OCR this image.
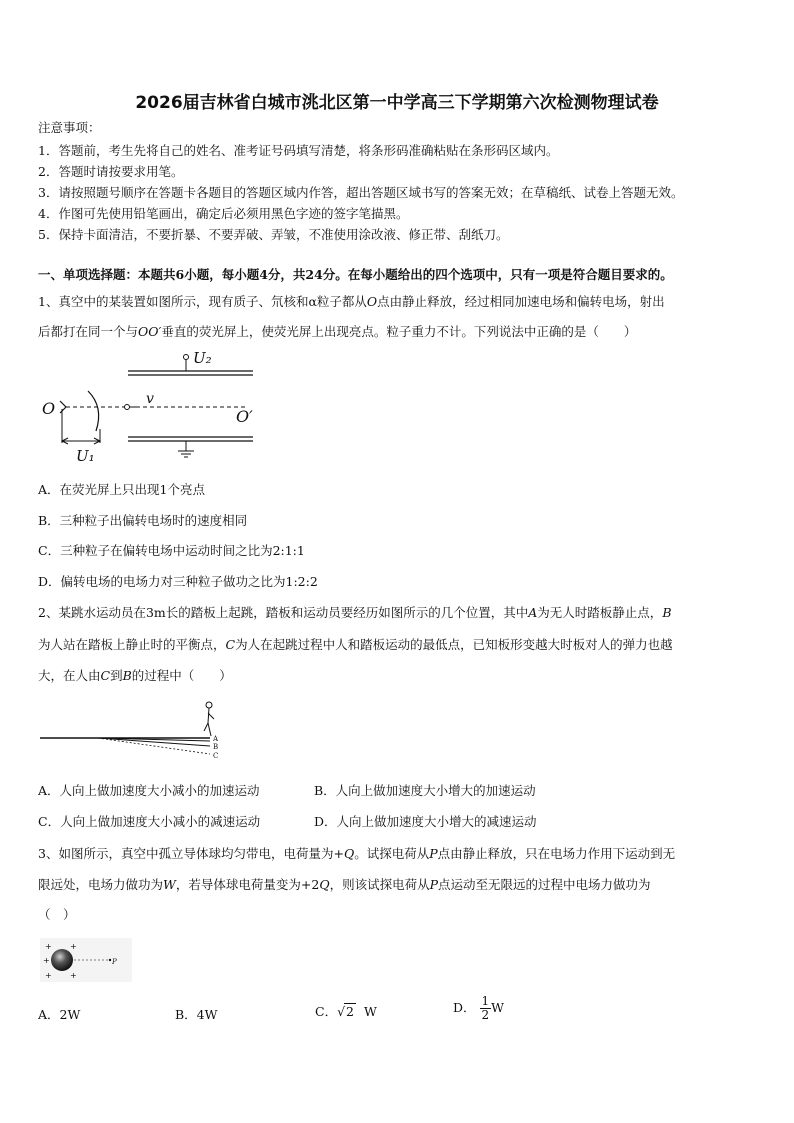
2026届吉林省白城市洮北区第一中学高三下学期第六次检测物理试卷
注意事项：
1．答题前，考生先将自己的姓名、准考证号码填写清楚，将条形码准确粘贴在条形码区域内。
2．答题时请按要求用笔。
3．请按照题号顺序在答题卡各题目的答题区域内作答，超出答题区域书写的答案无效；在草稿纸、试卷上答题无效。
4．作图可先使用铅笔画出，确定后必须用黑色字迹的签字笔描黑。
5．保持卡面清洁，不要折暴、不要弄破、弄皱，不准使用涂改液、修正带、刮纸刀。
一、单项选择题：本题共6小题，每小题4分，共24分。在每小题给出的四个选项中，只有一项是符合题目要求的。
1、真空中的某装置如图所示，现有质子、氘核和α粒子都从O点由静止释放，经过相同加速电场和偏转电场，射出
后都打在同一个与OO′垂直的荧光屏上，使荧光屏上出现亮点。粒子重力不计。下列说法中正确的是（　　）
U₂
O	v
O′
U₁
A．在荧光屏上只出现1个亮点
B．三种粒子出偏转电场时的速度相同
C．三种粒子在偏转电场中运动时间之比为2:1:1
D．偏转电场的电场力对三种粒子做功之比为1:2:2
2、某跳水运动员在3m长的踏板上起跳，踏板和运动员要经历如图所示的几个位置，其中A为无人时踏板静止点，B
为人站在踏板上静止时的平衡点，C为人在起跳过程中人和踏板运动的最低点，已知板形变越大时板对人的弹力也越
大，在人由C到B的过程中（　　）
A
B
C
A．人向上做加速度大小减小的加速运动	B．人向上做加速度大小增大的加速运动
C．人向上做加速度大小减小的减速运动	D．人向上做加速度大小增大的减速运动
3、如图所示，真空中孤立导体球均匀带电，电荷量为+Q。试探电荷从P点由静止释放，只在电场力作用下运动到无
限远处，电场力做功为W，若导体球电荷量变为+2Q，则该试探电荷从P点运动至无限远的过程中电场力做功为
（　）
+ +
+
+ +
P
A．2W	B．4W	C．√2 W	D． $\frac{1}{2}$ W
